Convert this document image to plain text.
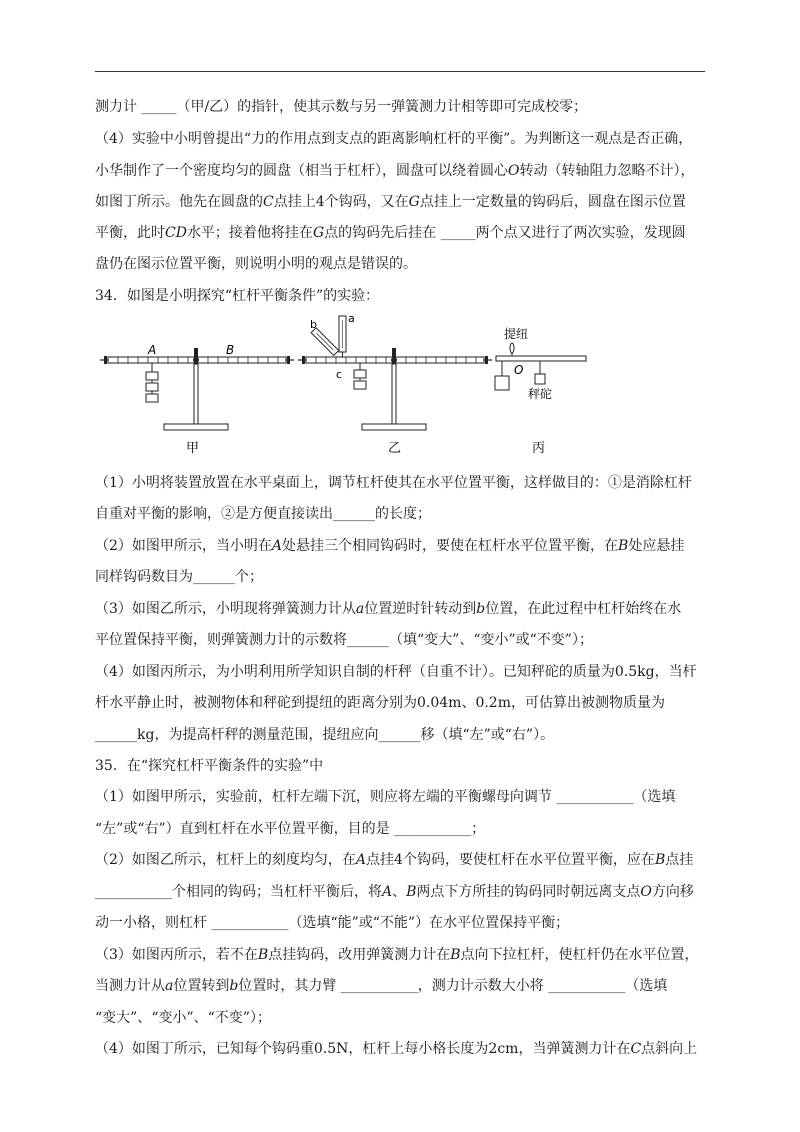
测力计 _____（甲/乙）的指针，使其示数与另一弹簧测力计相等即可完成校零；
（4）实验中小明曾提出“力的作用点到支点的距离影响杠杆的平衡”。为判断这一观点是否正确，
小华制作了一个密度均匀的圆盘（相当于杠杆），圆盘可以绕着圆心O转动（转轴阻力忽略不计），
如图丁所示。他先在圆盘的C点挂上4个钩码，又在G点挂上一定数量的钩码后，圆盘在图示位置
平衡，此时CD水平；接着他将挂在G点的钩码先后挂在 _____两个点又进行了两次实验，发现圆
盘仍在图示位置平衡，则说明小明的观点是错误的。
34．如图是小明探究“杠杆平衡条件”的实验：
A	B
甲
a
b
c
乙
提纽
O
秤砣
丙
（1）小明将装置放置在水平桌面上，调节杠杆使其在水平位置平衡，这样做目的：①是消除杠杆
自重对平衡的影响，②是方便直接读出______的长度；
（2）如图甲所示，当小明在A处悬挂三个相同钩码时，要使在杠杆水平位置平衡，在B处应悬挂
同样钩码数目为______个；
（3）如图乙所示，小明现将弹簧测力计从a位置逆时针转动到b位置，在此过程中杠杆始终在水
平位置保持平衡，则弹簧测力计的示数将______（填“变大”、“变小”或“不变”）；
（4）如图丙所示，为小明利用所学知识自制的杆秤（自重不计）。已知秤砣的质量为0.5kg，当杆
杆水平静止时，被测物体和秤砣到提纽的距离分别为0.04m、0.2m，可估算出被测物质量为
______kg，为提高杆秤的测量范围，提纽应向______移（填“左”或“右”）。
35．在“探究杠杆平衡条件的实验”中
（1）如图甲所示，实验前，杠杆左端下沉，则应将左端的平衡螺母向调节 ___________（选填
“左”或“右”）直到杠杆在水平位置平衡，目的是 ___________；
（2）如图乙所示，杠杆上的刻度均匀，在A点挂4个钩码，要使杠杆在水平位置平衡，应在B点挂
___________个相同的钩码；当杠杆平衡后，将A、B两点下方所挂的钩码同时朝远离支点O方向移
动一小格，则杠杆 ___________（选填“能”或“不能”）在水平位置保持平衡；
（3）如图丙所示，若不在B点挂钩码，改用弹簧测力计在B点向下拉杠杆，使杠杆仍在水平位置，
当测力计从a位置转到b位置时，其力臂 ___________，测力计示数大小将 ___________（选填
“变大”、“变小”、“不变”）；
（4）如图丁所示，已知每个钩码重0.5N，杠杆上每小格长度为2cm，当弹簧测力计在C点斜向上
